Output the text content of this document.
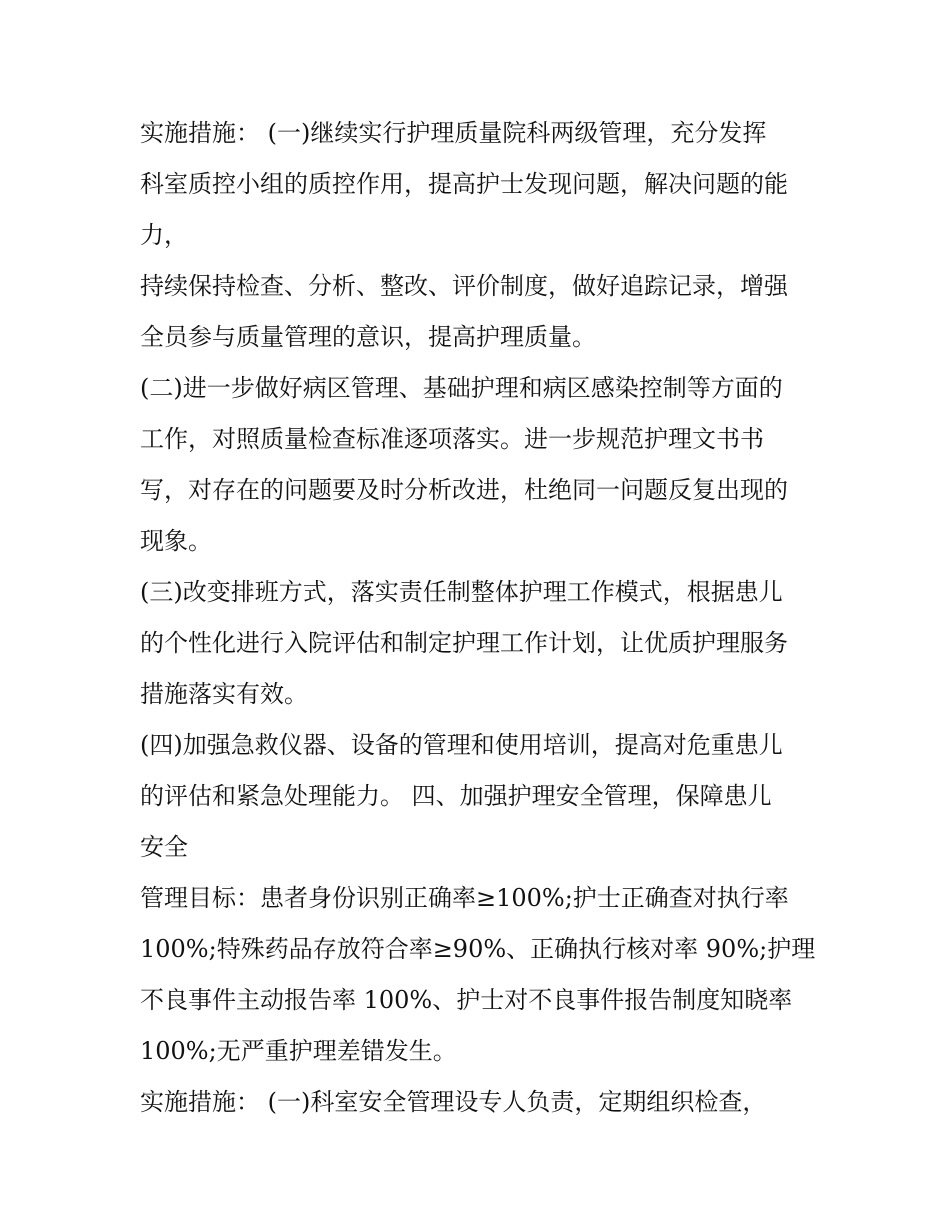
实施措施： (一)继续实行护理质量院科两级管理，充分发挥
科室质控小组的质控作用，提高护士发现问题，解决问题的能
力，
持续保持检查、分析、整改、评价制度，做好追踪记录，增强
全员参与质量管理的意识，提高护理质量。
(二)进一步做好病区管理、基础护理和病区感染控制等方面的
工作，对照质量检查标准逐项落实。进一步规范护理文书书
写，对存在的问题要及时分析改进，杜绝同一问题反复出现的
现象。
(三)改变排班方式，落实责任制整体护理工作模式，根据患儿
的个性化进行入院评估和制定护理工作计划，让优质护理服务
措施落实有效。
(四)加强急救仪器、设备的管理和使用培训，提高对危重患儿
的评估和紧急处理能力。 四、加强护理安全管理，保障患儿
安全
管理目标：患者身份识别正确率≥100%;护士正确查对执行率
100%;特殊药品存放符合率≥90%、正确执行核对率 90%;护理
不良事件主动报告率 100%、护士对不良事件报告制度知晓率
100%;无严重护理差错发生。
实施措施： (一)科室安全管理设专人负责，定期组织检查，
